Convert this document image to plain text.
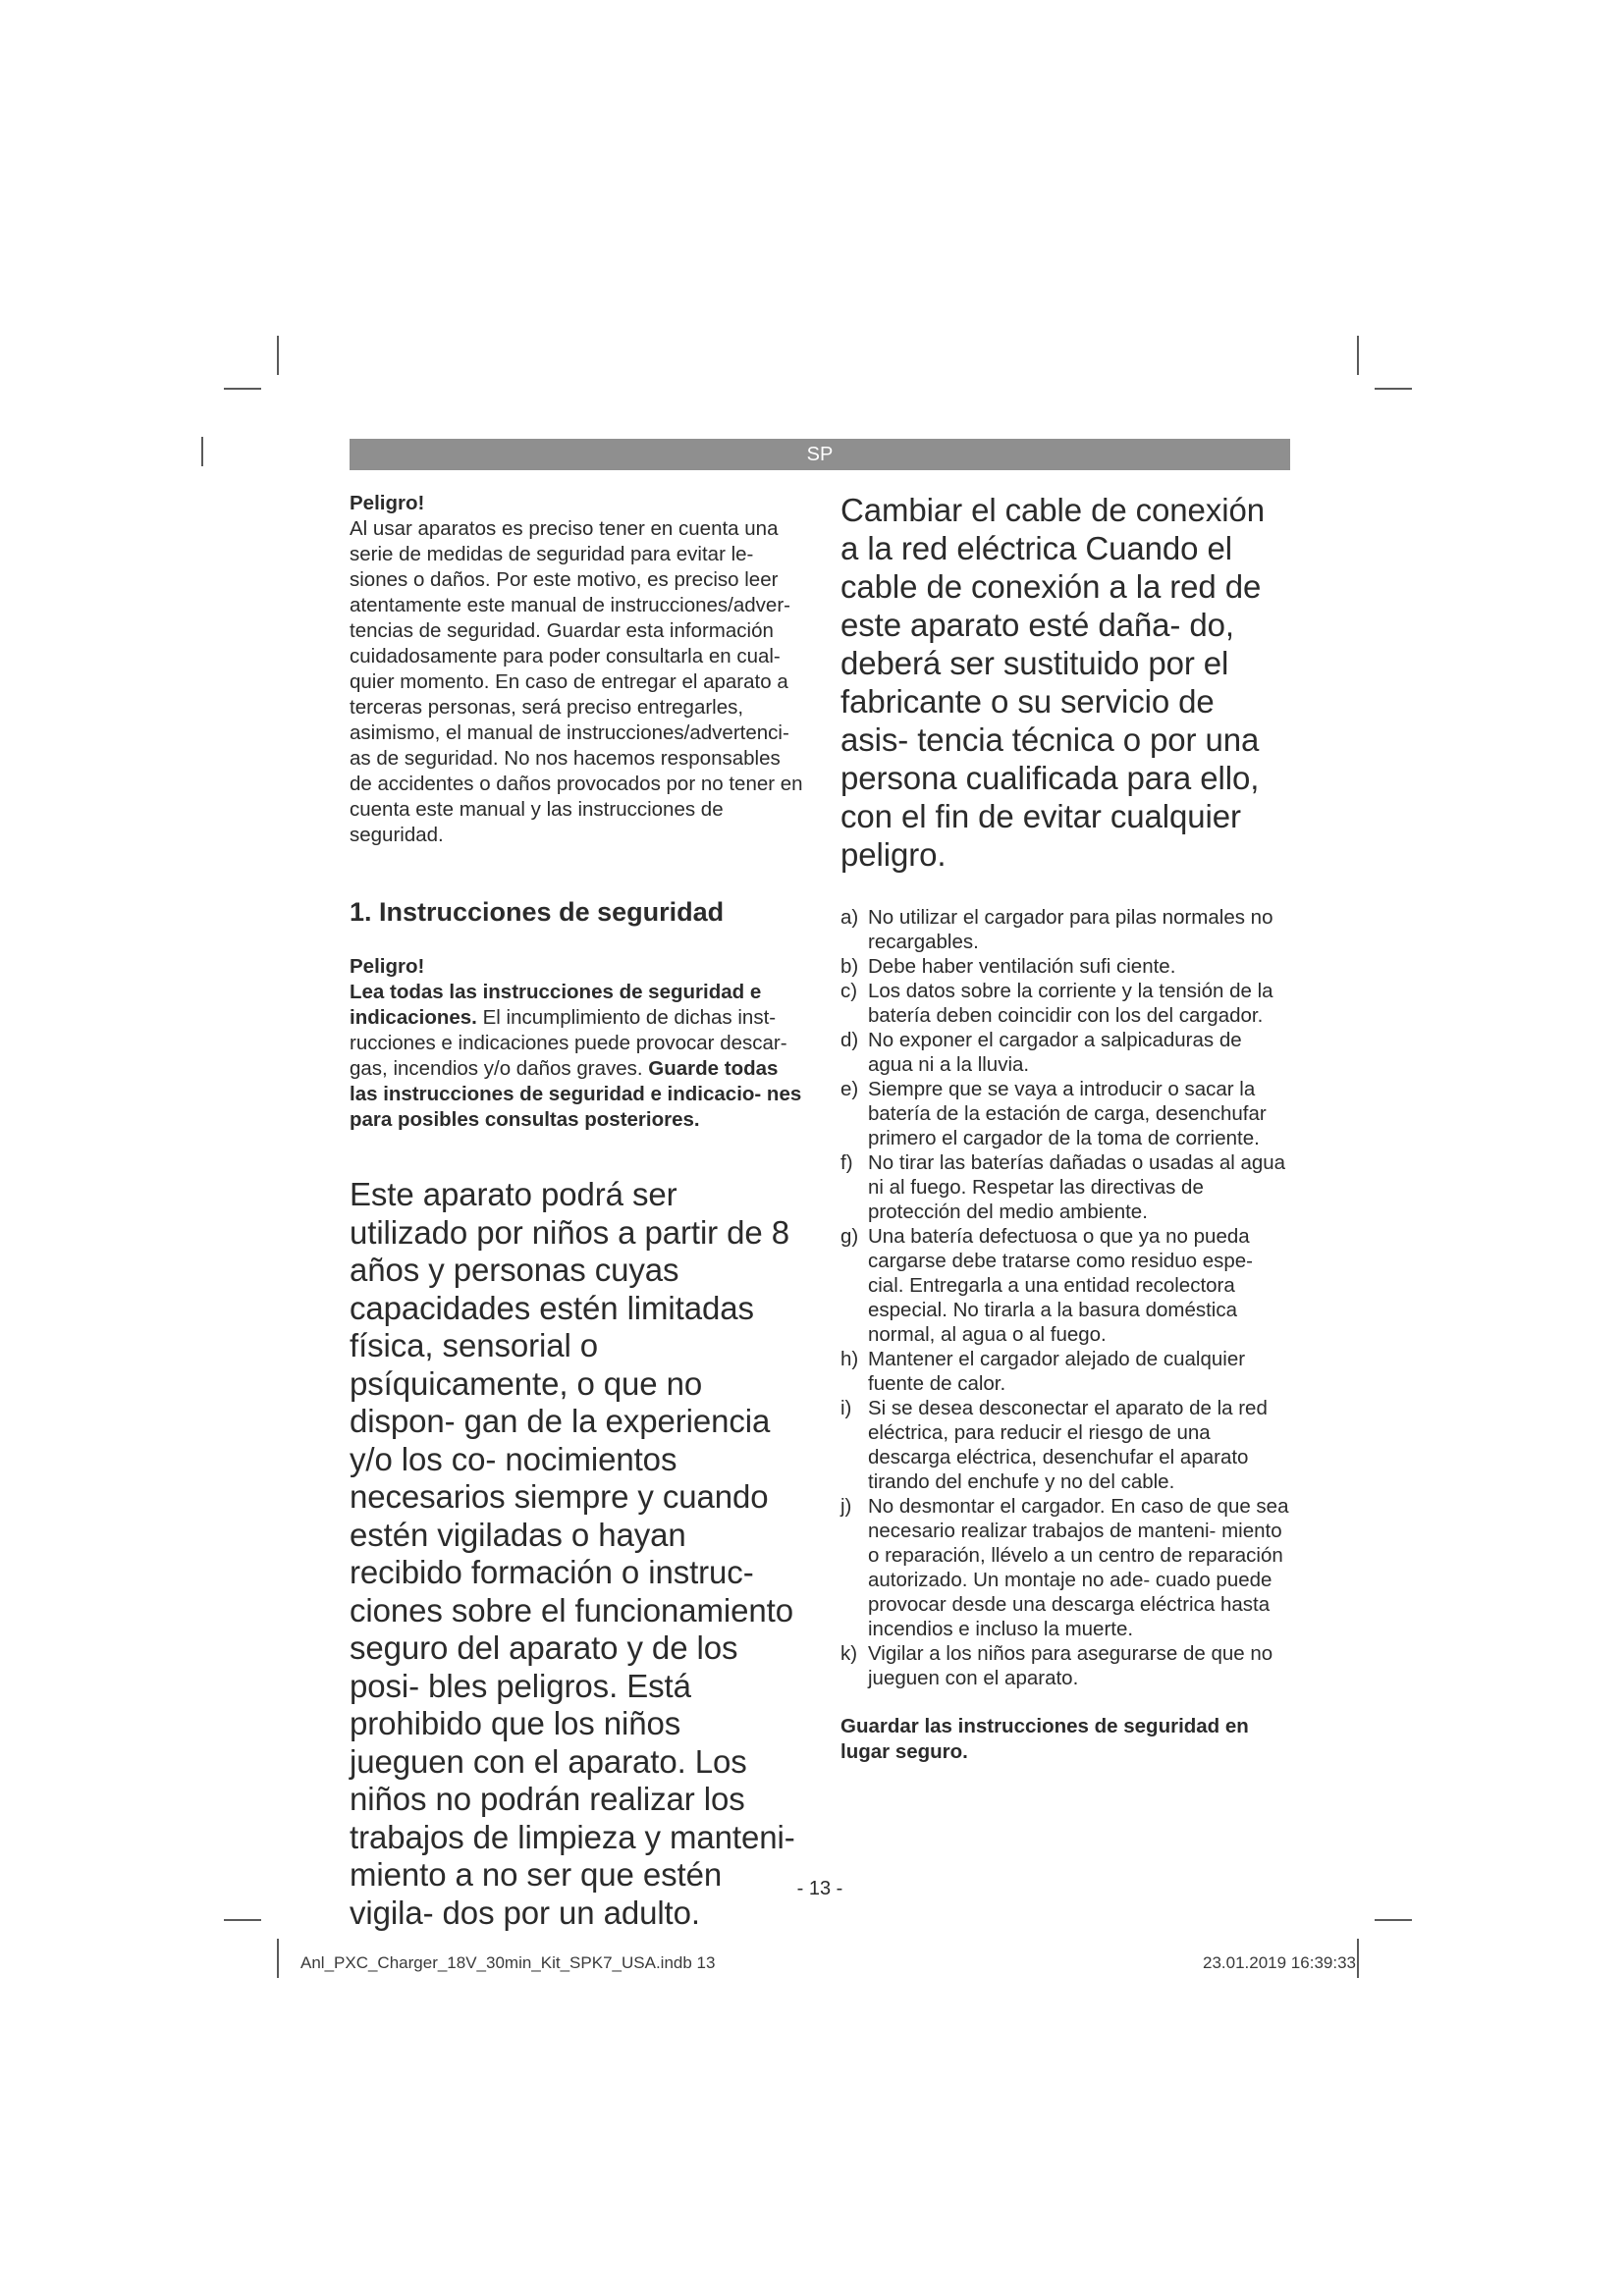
SP

Peligro!

Al usar aparatos es preciso tener en cuenta una serie de medidas de seguridad para evitar le- siones o daños. Por este motivo, es preciso leer atentamente este manual de instrucciones/adver- tencias de seguridad. Guardar esta información cuidadosamente para poder consultarla en cual- quier momento. En caso de entregar el aparato a terceras personas, será preciso entregarles, asimismo, el manual de instrucciones/advertenci- as de seguridad. No nos hacemos responsables de accidentes o daños provocados por no tener en cuenta este manual y las instrucciones de seguridad.

1. Instrucciones de seguridad

Peligro!

Lea todas las instrucciones de seguridad e indicaciones. El incumplimiento de dichas inst- rucciones e indicaciones puede provocar descar- gas, incendios y/o daños graves. Guarde todas las instrucciones de seguridad e indicacio- nes para posibles consultas posteriores.

Este aparato podrá ser utilizado por niños a partir de 8 años y personas cuyas capacidades estén limitadas física, sensorial o psíquicamente, o que no dispon- gan de la experiencia y/o los co- nocimientos necesarios siempre y cuando estén vigiladas o hayan recibido formación o instruc- ciones sobre el funcionamiento seguro del aparato y de los posi- bles peligros. Está prohibido que los niños jueguen con el aparato. Los niños no podrán realizar los trabajos de limpieza y manteni- miento a no ser que estén vigila- dos por un adulto.

Cambiar el cable de conexión a la red eléctrica Cuando el cable de conexión a la red de este aparato esté daña- do, deberá ser sustituido por el fabricante o su servicio de asis- tencia técnica o por una persona cualificada para ello, con el fin de evitar cualquier peligro.

a) No utilizar el cargador para pilas normales no recargables.
b) Debe haber ventilación sufi ciente.
c) Los datos sobre la corriente y la tensión de la batería deben coincidir con los del cargador.
d) No exponer el cargador a salpicaduras de agua ni a la lluvia.
e) Siempre que se vaya a introducir o sacar la batería de la estación de carga, desenchufar primero el cargador de la toma de corriente.
f) No tirar las baterías dañadas o usadas al agua ni al fuego. Respetar las directivas de protección del medio ambiente.
g) Una batería defectuosa o que ya no pueda cargarse debe tratarse como residuo espe- cial. Entregarla a una entidad recolectora especial. No tirarla a la basura doméstica normal, al agua o al fuego.
h) Mantener el cargador alejado de cualquier fuente de calor.
i) Si se desea desconectar el aparato de la red eléctrica, para reducir el riesgo de una descarga eléctrica, desenchufar el aparato tirando del enchufe y no del cable.
j) No desmontar el cargador. En caso de que sea necesario realizar trabajos de manteni- miento o reparación, llévelo a un centro de reparación autorizado. Un montaje no ade- cuado puede provocar desde una descarga eléctrica hasta incendios e incluso la muerte.
k) Vigilar a los niños para asegurarse de que no jueguen con el aparato.

Guardar las instrucciones de seguridad en lugar seguro.

- 13 -
Anl_PXC_Charger_18V_30min_Kit_SPK7_USA.indb 13	23.01.2019 16:39:33
